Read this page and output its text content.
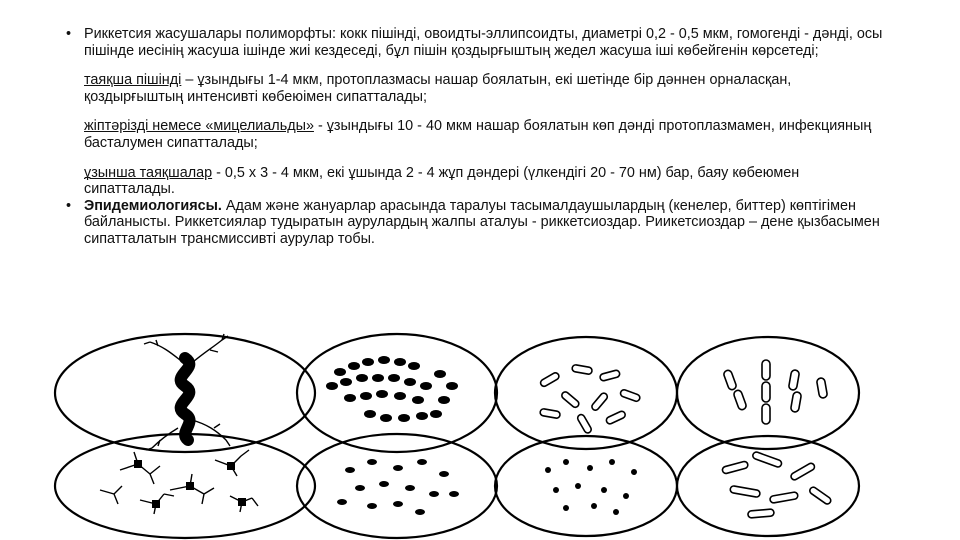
• Риккетсия жасушалары полиморфты: кокк пішінді, овоидты-эллипсоидты, диаметрі 0,2 - 0,5 мкм, гомогенді - дәнді, осы пішінде иесінің жасуша ішінде жиі кездеседі, бұл пішін қоздырғыштың жедел жасуша іші көбейгенін көрсетеді;
таяқша пішінді – ұзындығы 1-4 мкм, протоплазмасы нашар боялатын, екі шетінде бір дәннен орналасқан, қоздырғыштың интенсивті көбеюімен сипатталады;
жіптәрізді немесе «мицелиальды» - ұзындығы 10 - 40 мкм нашар боялатын көп дәнді протоплазмамен, инфекцияның басталумен сипатталады;
ұзынша таяқшалар - 0,5 х 3 - 4 мкм, екі ұшында 2 - 4 жұп дәндері (үлкендігі 20 - 70 нм) бар, баяу көбеюмен сипатталады.
• Эпидемиологиясы. Адам және жануарлар арасында таралуы тасымалдаушылардың (кенелер, биттер) көптігімен байланысты. Риккетсиялар тудыратын аурулардың жалпы аталуы - риккетсиоздар. Риикетсиоздар – дене қызбасымен сипатталатын трансмиссивті аурулар тобы.
